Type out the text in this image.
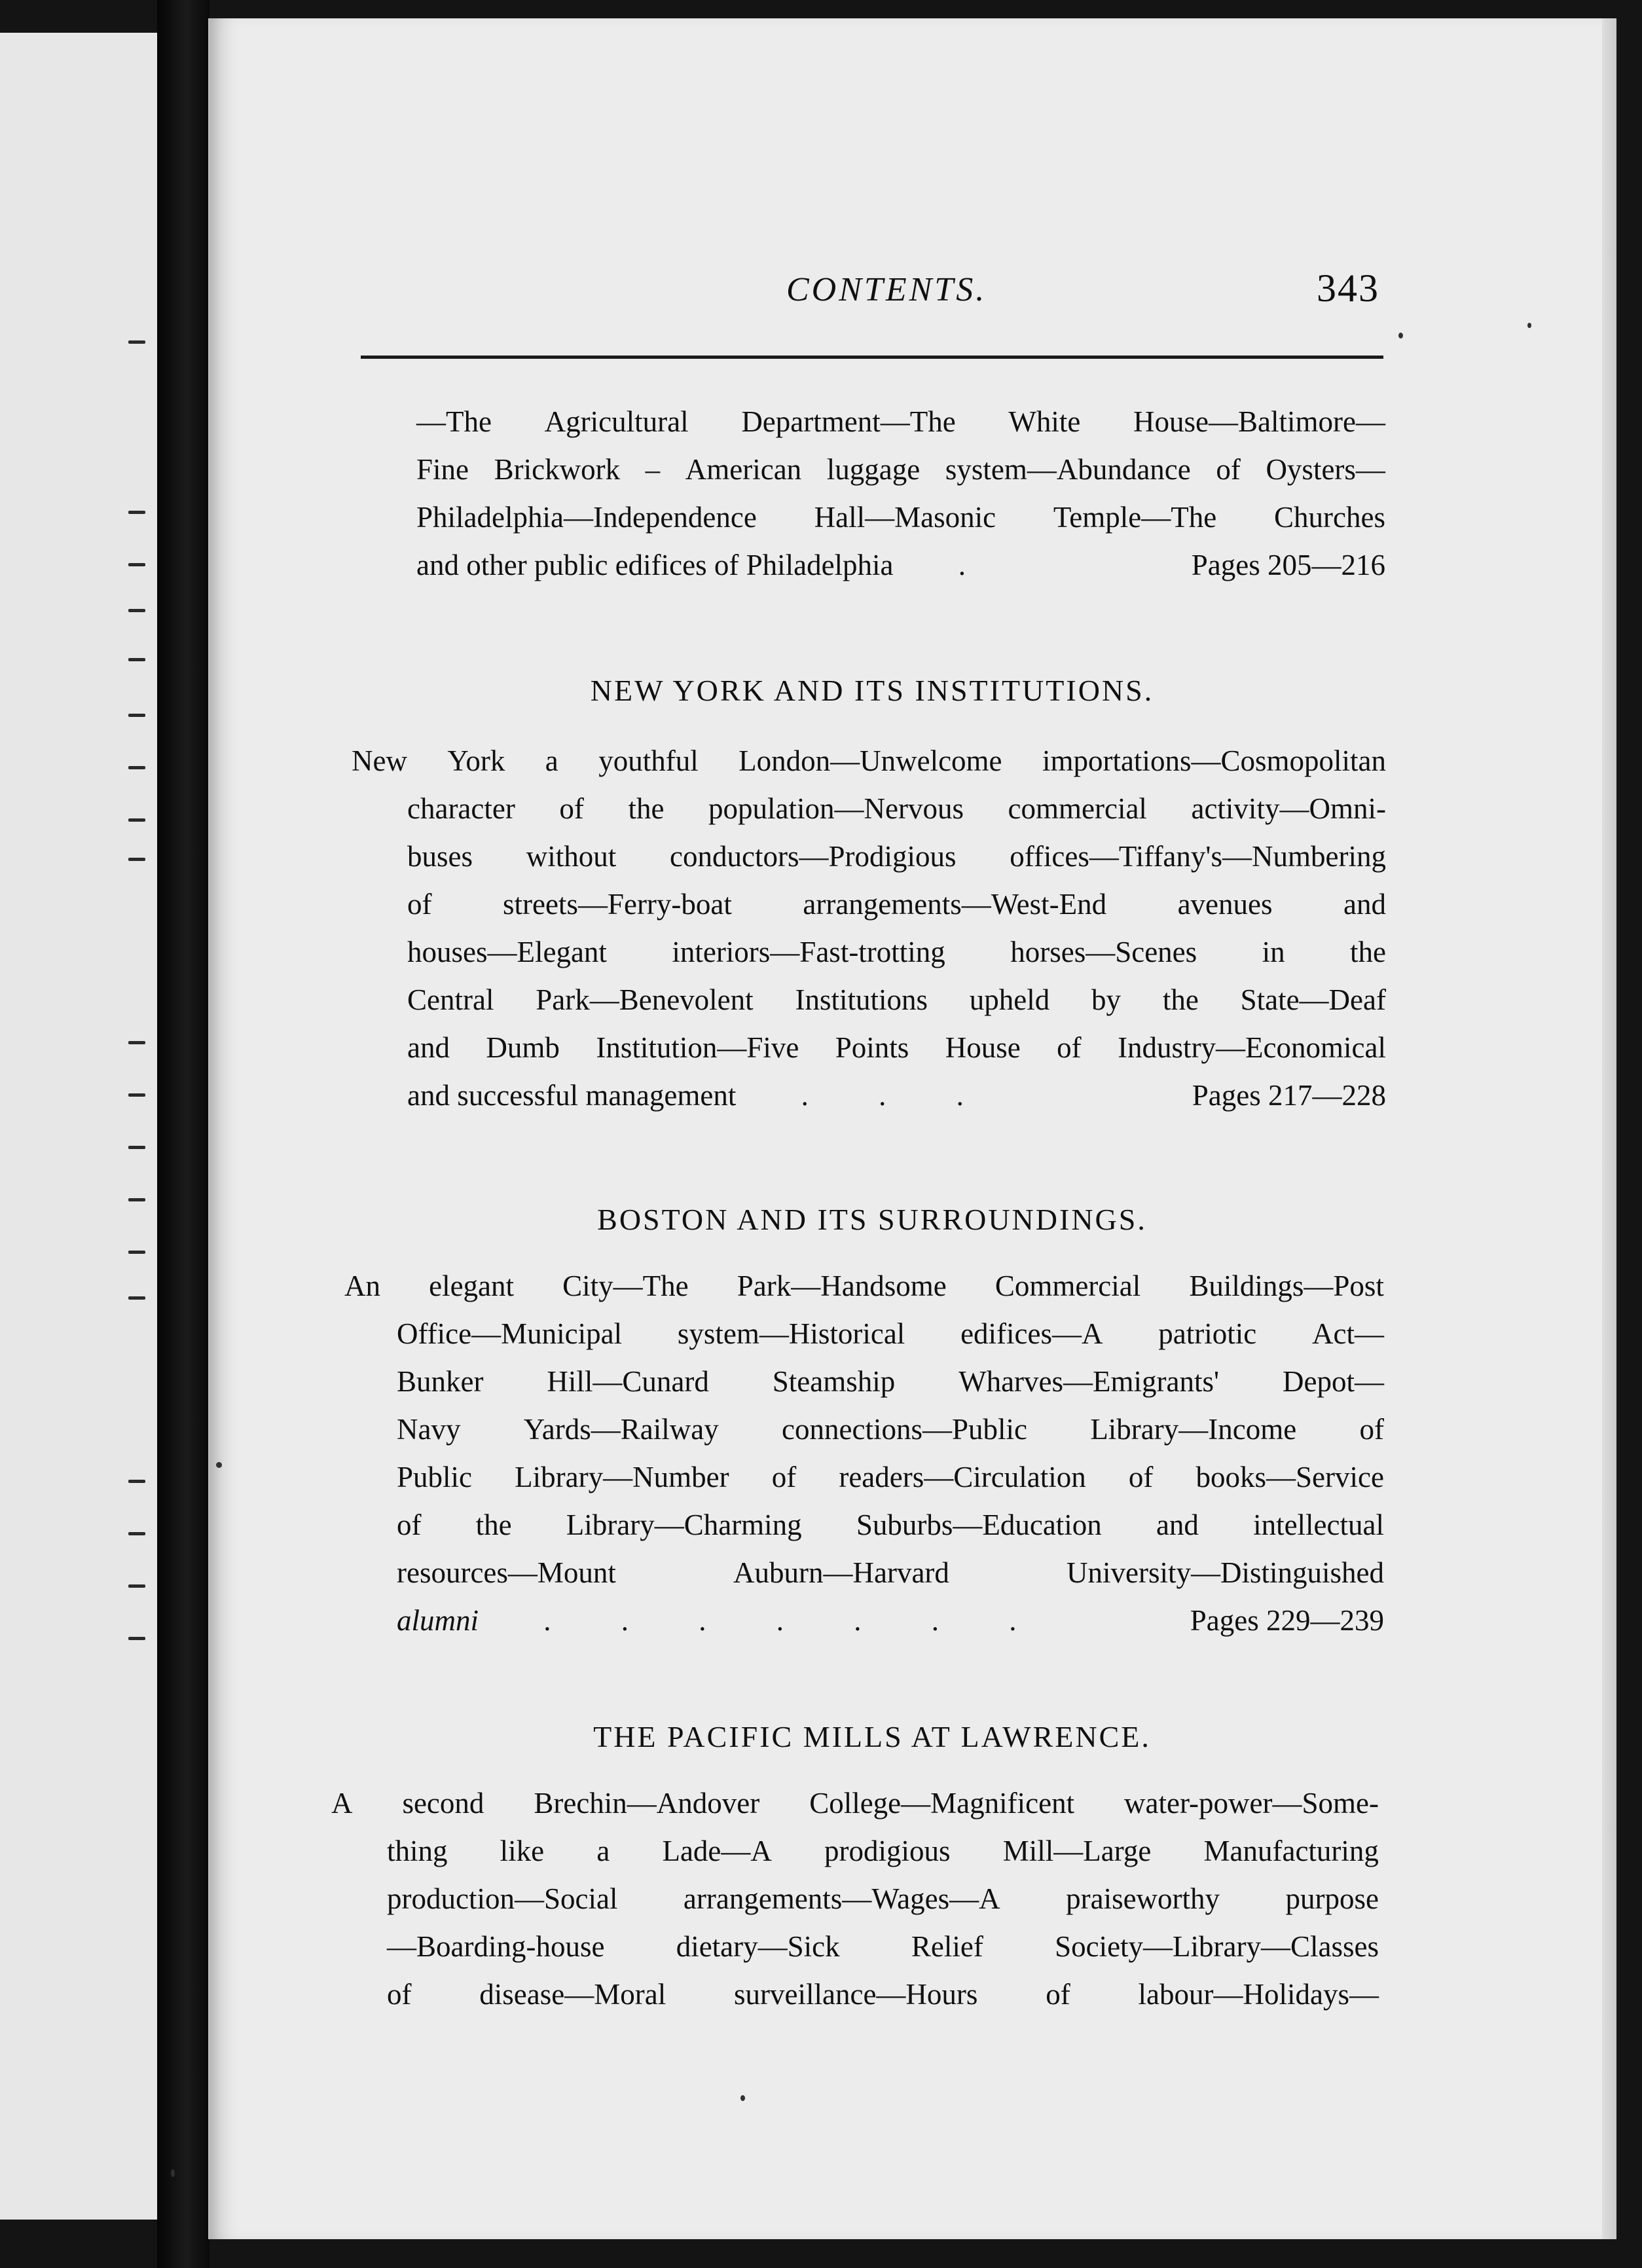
CONTENTS.	343
—The Agricultural Department—The White House—Baltimore—
Fine Brickwork – American luggage system—Abundance of Oysters—
Philadelphia—Independence Hall—Masonic Temple—The Churches
and other public edifices of Philadelphia .	Pages 205—216
NEW YORK AND ITS INSTITUTIONS.
New York a youthful London—Unwelcome importations—Cosmopolitan
character of the population—Nervous commercial activity—Omni-
buses without conductors—Prodigious offices—Tiffany's—Numbering
of streets—Ferry-boat arrangements—West-End avenues and
houses—Elegant interiors—Fast-trotting horses—Scenes in the
Central Park—Benevolent Institutions upheld by the State—Deaf
and Dumb Institution—Five Points House of Industry—Economical
and successful management . . .	Pages 217—228
BOSTON AND ITS SURROUNDINGS.
An elegant City—The Park—Handsome Commercial Buildings—Post
Office—Municipal system—Historical edifices—A patriotic Act—
Bunker Hill—Cunard Steamship Wharves—Emigrants' Depot—
Navy Yards—Railway connections—Public Library—Income of
Public Library—Number of readers—Circulation of books—Service
of the Library—Charming Suburbs—Education and intellectual
resources—Mount	Auburn—Harvard	University—Distinguished
alumni . . . . . . .	Pages 229—239
THE PACIFIC MILLS AT LAWRENCE.
A second Brechin—Andover College—Magnificent water-power—Some-
thing like a Lade—A prodigious Mill—Large Manufacturing
production—Social arrangements—Wages—A praiseworthy purpose
—Boarding-house dietary—Sick Relief Society—Library—Classes
of disease—Moral surveillance—Hours of labour—Holidays—
